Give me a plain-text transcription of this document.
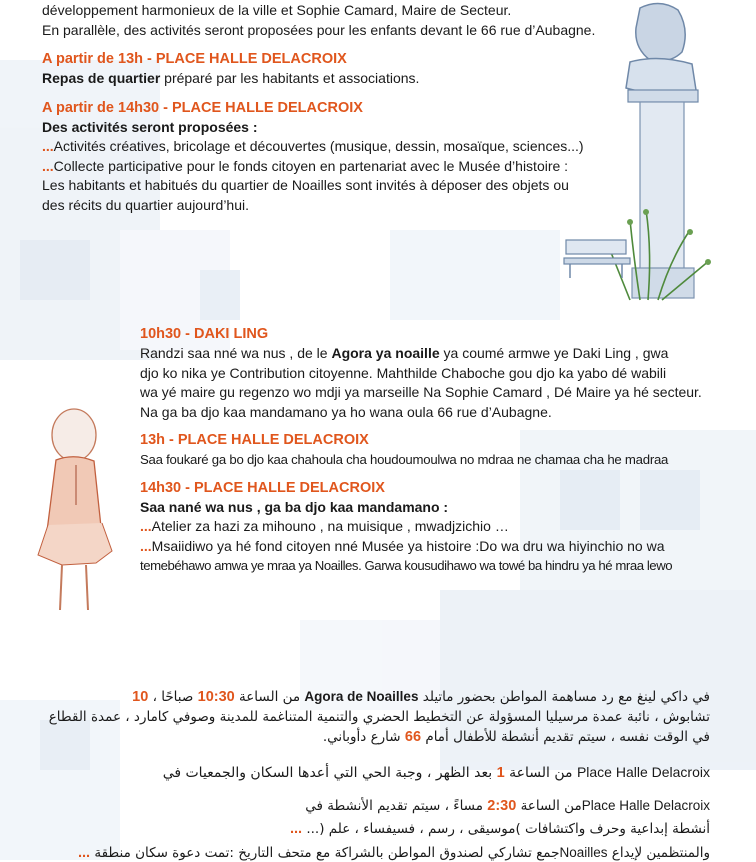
développement harmonieux de la ville et Sophie Camard, Maire de Secteur.

En parallèle, des activités seront proposées pour les enfants devant le 66 rue d’Aubagne.

A partir de 13h - PLACE HALLE DELACROIX

Repas de quartier préparé par les habitants et associations.

A partir de 14h30 - PLACE HALLE DELACROIX

Des activités seront proposées :

...Activités créatives, bricolage et découvertes (musique, dessin, mosaïque, sciences...)

...Collecte participative pour le fonds citoyen en partenariat avec le Musée d’histoire :

Les habitants et habitués du quartier de Noailles sont invités à déposer des objets ou

des récits du quartier aujourd’hui.

10h30 - DAKI LING

Randzi saa nné wa nus , de le Agora ya noaille ya coumé armwe ye Daki Ling , gwa

djo ko nika ye Contribution citoyenne. Mahthilde Chaboche gou djo ka yabo dé wabili

wa yé maire gu regenzo wo mdji ya marseille Na Sophie Camard , Dé Maire ya hé secteur.

Na ga ba djo kaa mandamano ya ho wana oula 66 rue d’Aubagne.

13h - PLACE HALLE DELACROIX

Saa foukaré ga bo djo kaa chahoula cha houdoumoulwa no mdraa ne chamaa cha he madraa

14h30 - PLACE HALLE DELACROIX

Saa nané wa nus , ga ba djo kaa mandamano :

...Atelier za hazi za mihouno , na muisique , mwadjzichio …

...Msaiidiwo ya hé fond citoyen nné Musée ya histoire :Do wa dru wa hiyinchio no wa

temebéhawo amwa ye mraa ya Noailles. Garwa kousudihawo wa towé ba hindru ya hé mraa lewo

في داكي لينغ مع رد مساهمة المواطن بحضور ماتيلد Agora de Noailles من الساعة 10:30 صباحًا ، 10
تشابوش ، نائبة عمدة مرسيليا المسؤولة عن التخطيط الحضري والتنمية المتناغمة للمدينة وصوفي كامارد ، عمدة القطاع
في الوقت نفسه ، سيتم تقديم أنشطة للأطفال أمام 66 شارع دأوباني.
Place Halle Delacroix من الساعة 1 بعد الظهر ، وجبة الحي التي أعدها السكان والجمعيات في
Place Halle Delacroixمن الساعة 2:30 مساءً ، سيتم تقديم الأنشطة في
أنشطة إبداعية وحرف واكتشافات )موسيقى ، رسم ، فسيفساء ، علم (... ...
والمنتظمين لإيداع Noaillesجمع تشاركي لصندوق المواطن بالشراكة مع متحف التاريخ :تمت دعوة سكان منطقة ...
